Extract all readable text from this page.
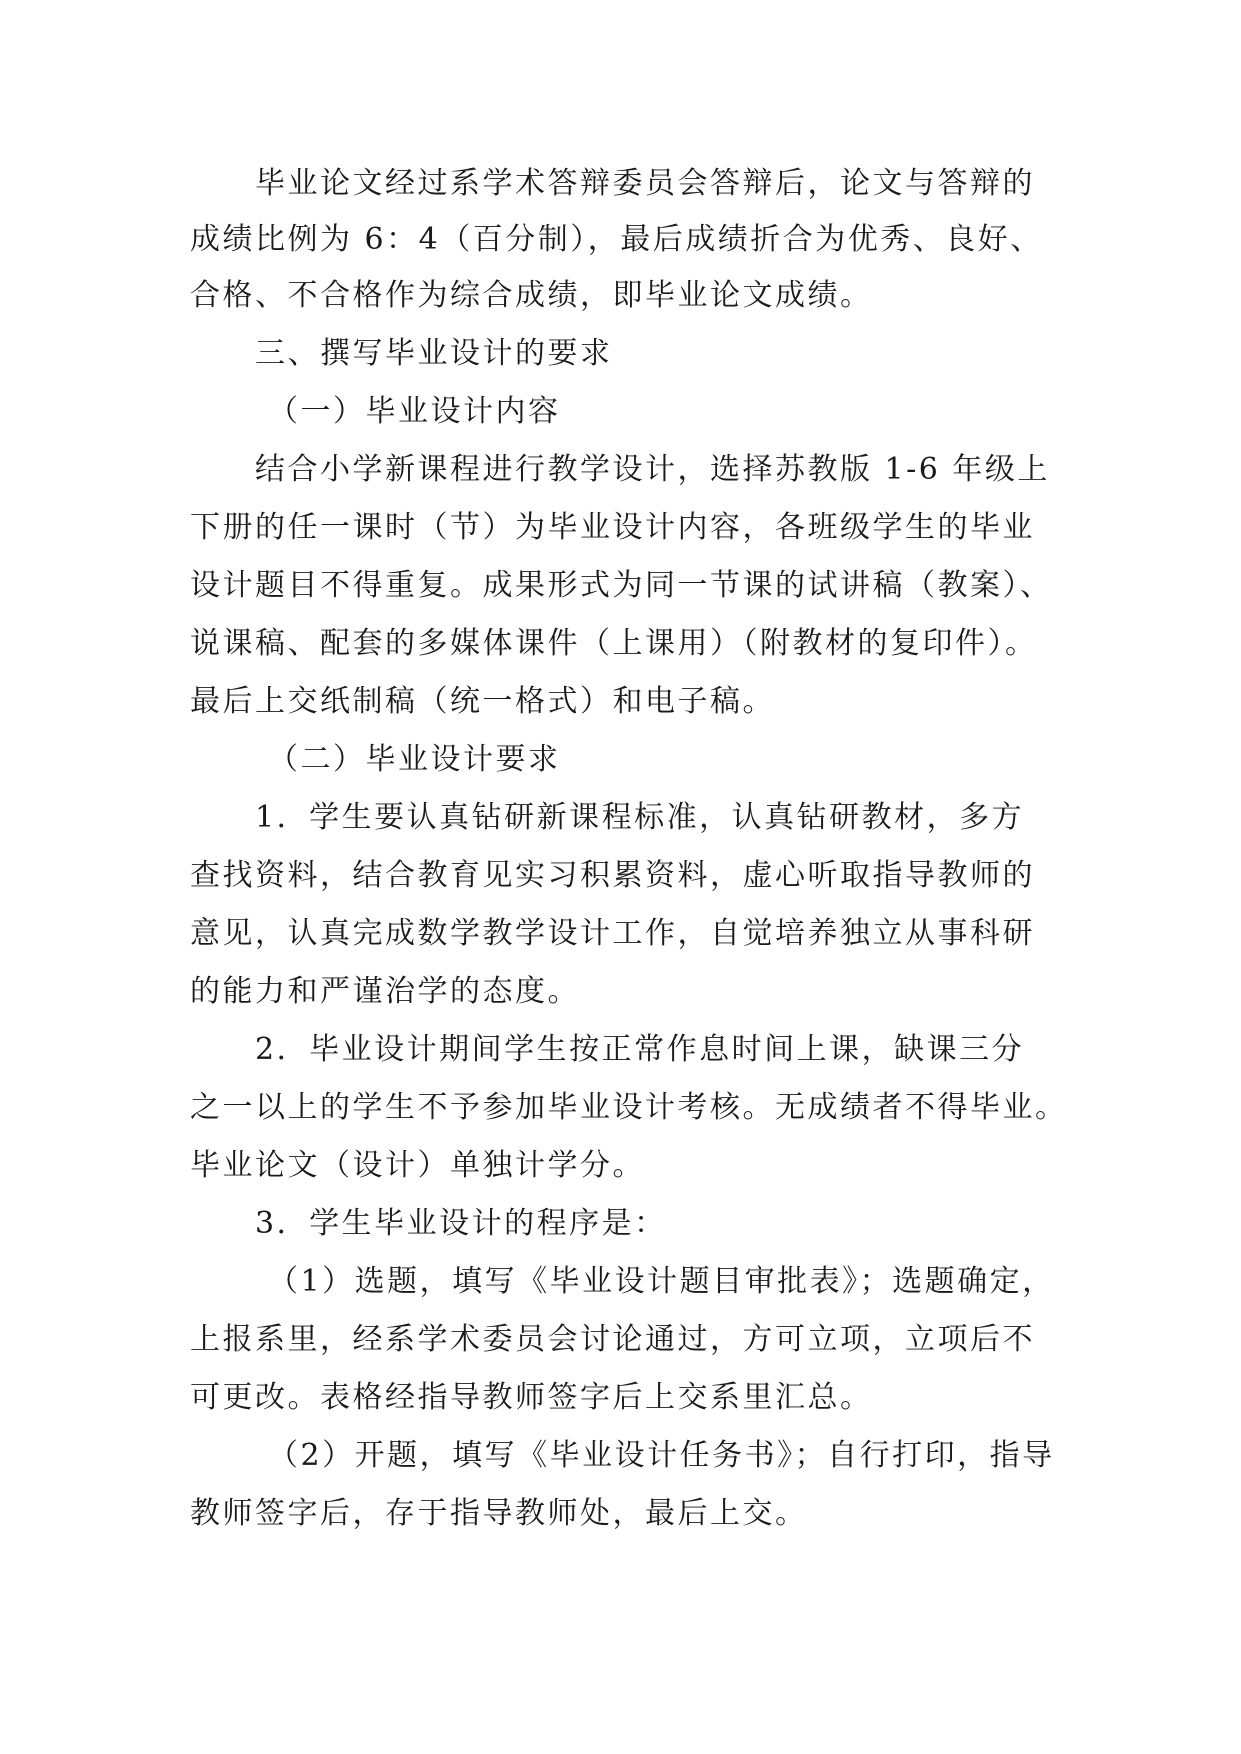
毕业论文经过系学术答辩委员会答辩后，论文与答辩的
成绩比例为 6：4（百分制），最后成绩折合为优秀、良好、
合格、不合格作为综合成绩，即毕业论文成绩。
三、撰写毕业设计的要求
（一）毕业设计内容
结合小学新课程进行教学设计，选择苏教版 1-6 年级上
下册的任一课时（节）为毕业设计内容，各班级学生的毕业
设计题目不得重复。成果形式为同一节课的试讲稿（教案）、
说课稿、配套的多媒体课件（上课用）（附教材的复印件）。
最后上交纸制稿（统一格式）和电子稿。
（二）毕业设计要求
1．学生要认真钻研新课程标准，认真钻研教材，多方
查找资料，结合教育见实习积累资料，虚心听取指导教师的
意见，认真完成数学教学设计工作，自觉培养独立从事科研
的能力和严谨治学的态度。
2．毕业设计期间学生按正常作息时间上课，缺课三分
之一以上的学生不予参加毕业设计考核。无成绩者不得毕业。
毕业论文（设计）单独计学分。
3．学生毕业设计的程序是：
（1）选题，填写《毕业设计题目审批表》；选题确定，
上报系里，经系学术委员会讨论通过，方可立项，立项后不
可更改。表格经指导教师签字后上交系里汇总。
（2）开题，填写《毕业设计任务书》；自行打印，指导
教师签字后，存于指导教师处，最后上交。
